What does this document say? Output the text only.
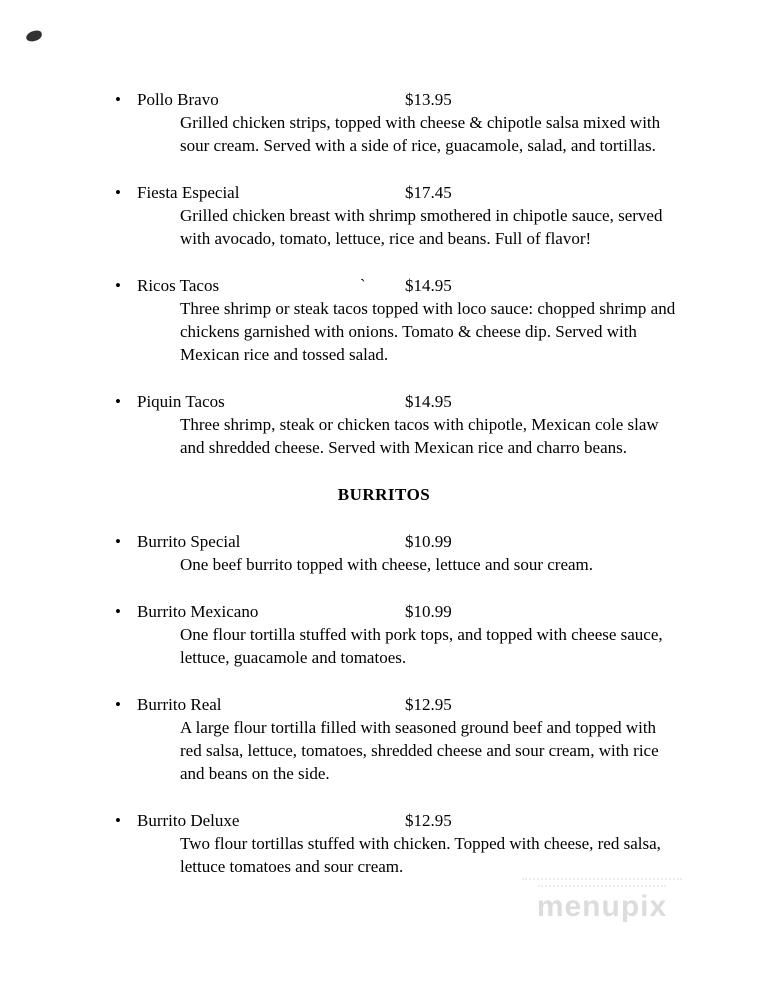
• Pollo Bravo	$13.95
Grilled chicken strips, topped with cheese & chipotle salsa mixed with sour cream. Served with a side of rice, guacamole, salad, and tortillas.
• Fiesta Especial	$17.45
Grilled chicken breast with shrimp smothered in chipotle sauce, served with avocado, tomato, lettuce, rice and beans. Full of flavor!
• Ricos Tacos	` $14.95
Three shrimp or steak tacos topped with loco sauce: chopped shrimp and chickens garnished with onions. Tomato & cheese dip. Served with Mexican rice and tossed salad.
• Piquin Tacos	$14.95
Three shrimp, steak or chicken tacos with chipotle, Mexican cole slaw and shredded cheese. Served with Mexican rice and charro beans.
BURRITOS
• Burrito Special	$10.99
One beef burrito topped with cheese, lettuce and sour cream.
• Burrito Mexicano	$10.99
One flour tortilla stuffed with pork tops, and topped with cheese sauce, lettuce, guacamole and tomatoes.
• Burrito Real	$12.95
A large flour tortilla filled with seasoned ground beef and topped with red salsa, lettuce, tomatoes, shredded cheese and sour cream, with rice and beans on the side.
• Burrito Deluxe	$12.95
Two flour tortillas stuffed with chicken. Topped with cheese, red salsa, lettuce tomatoes and sour cream.
menupix
